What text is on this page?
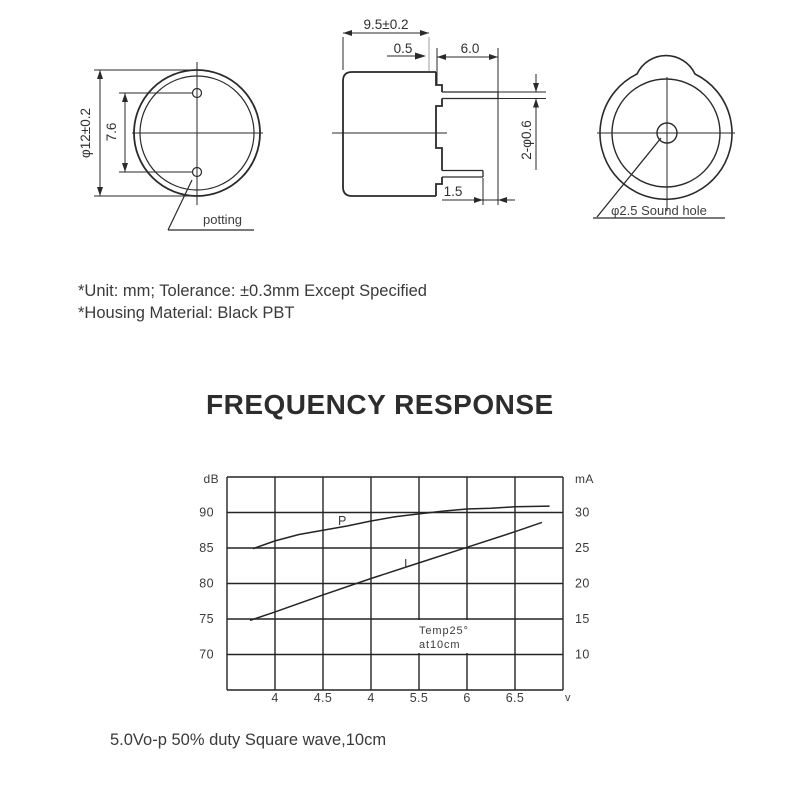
φ12±0.2 7.6
potting
9.5±0.2
0.5	6.0
2-φ0.6
1.5
φ2.5 Sound hole
*Unit: mm; Tolerance: ±0.3mm Except Specified
*Housing Material: Black PBT
FREQUENCY RESPONSE
Temp25°
at10cm
P
I
90
85
80
75
70
30
25
20
15
10
dB	mA
4	4.5	4	5.5	6	6.5	v
5.0Vo-p 50% duty Square wave,10cm
